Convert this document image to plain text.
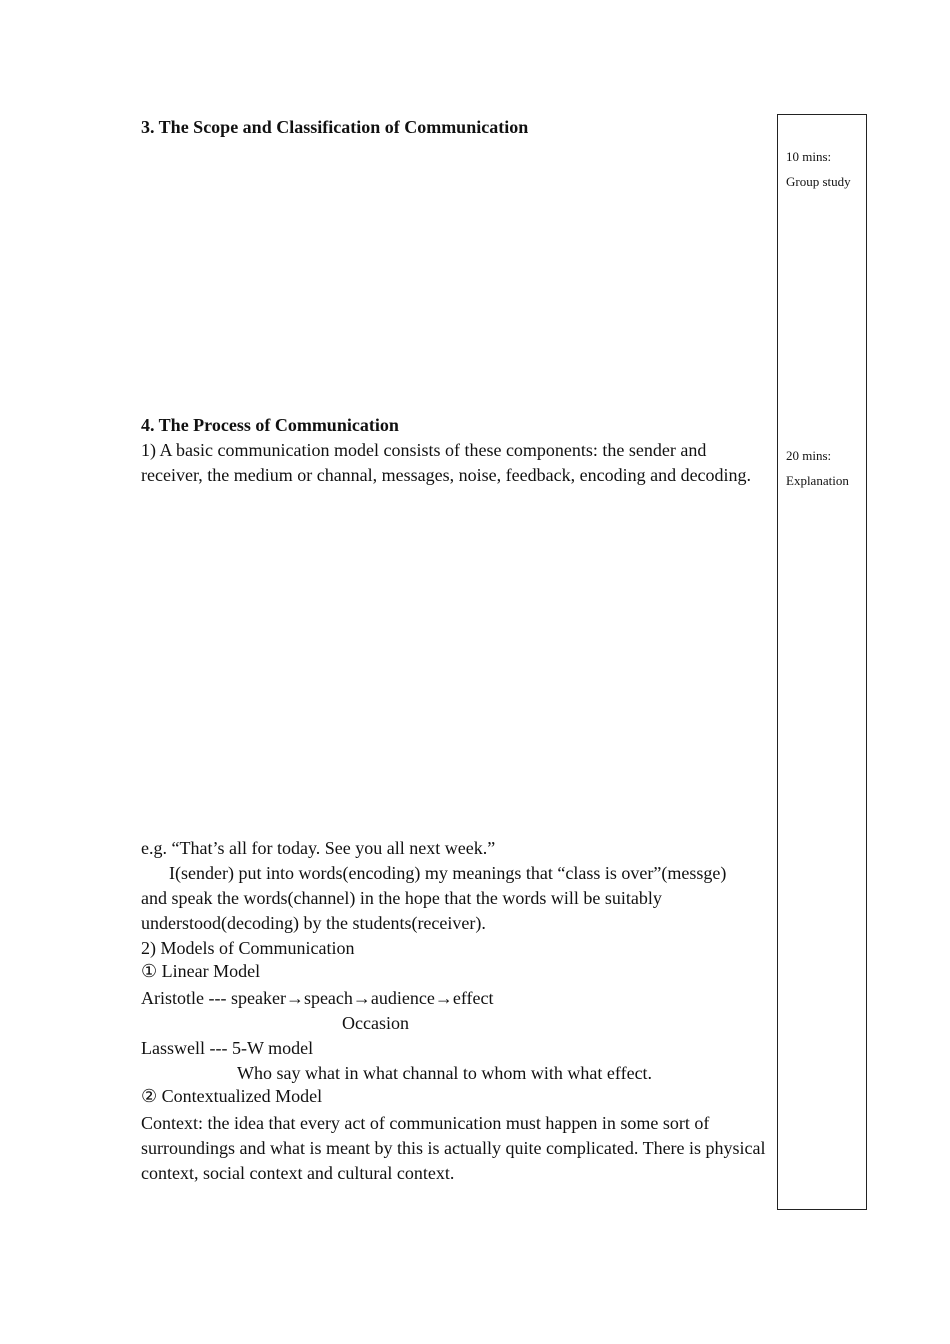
3. The Scope and Classification of Communication
4. The Process of Communication
1) A basic communication model consists of these components: the sender and receiver, the medium or channal, messages, noise, feedback, encoding and decoding.
e.g. “That’s all for today. See you all next week.”
I(sender) put into words(encoding) my meanings that “class is over”(messge)
and speak the words(channel) in the hope that the words will be suitably
understood(decoding) by the students(receiver).
2) Models of Communication
① Linear Model
Aristotle --- speaker→speach→audience→effect
Occasion
Lasswell --- 5-W model
Who say what in what channal to whom with what effect.
② Contextualized Model
Context: the idea that every act of communication must happen in some sort of surroundings and what is meant by this is actually quite complicated. There is physical context, social context and cultural context.
10 mins:
Group study
20 mins:
Explanation
